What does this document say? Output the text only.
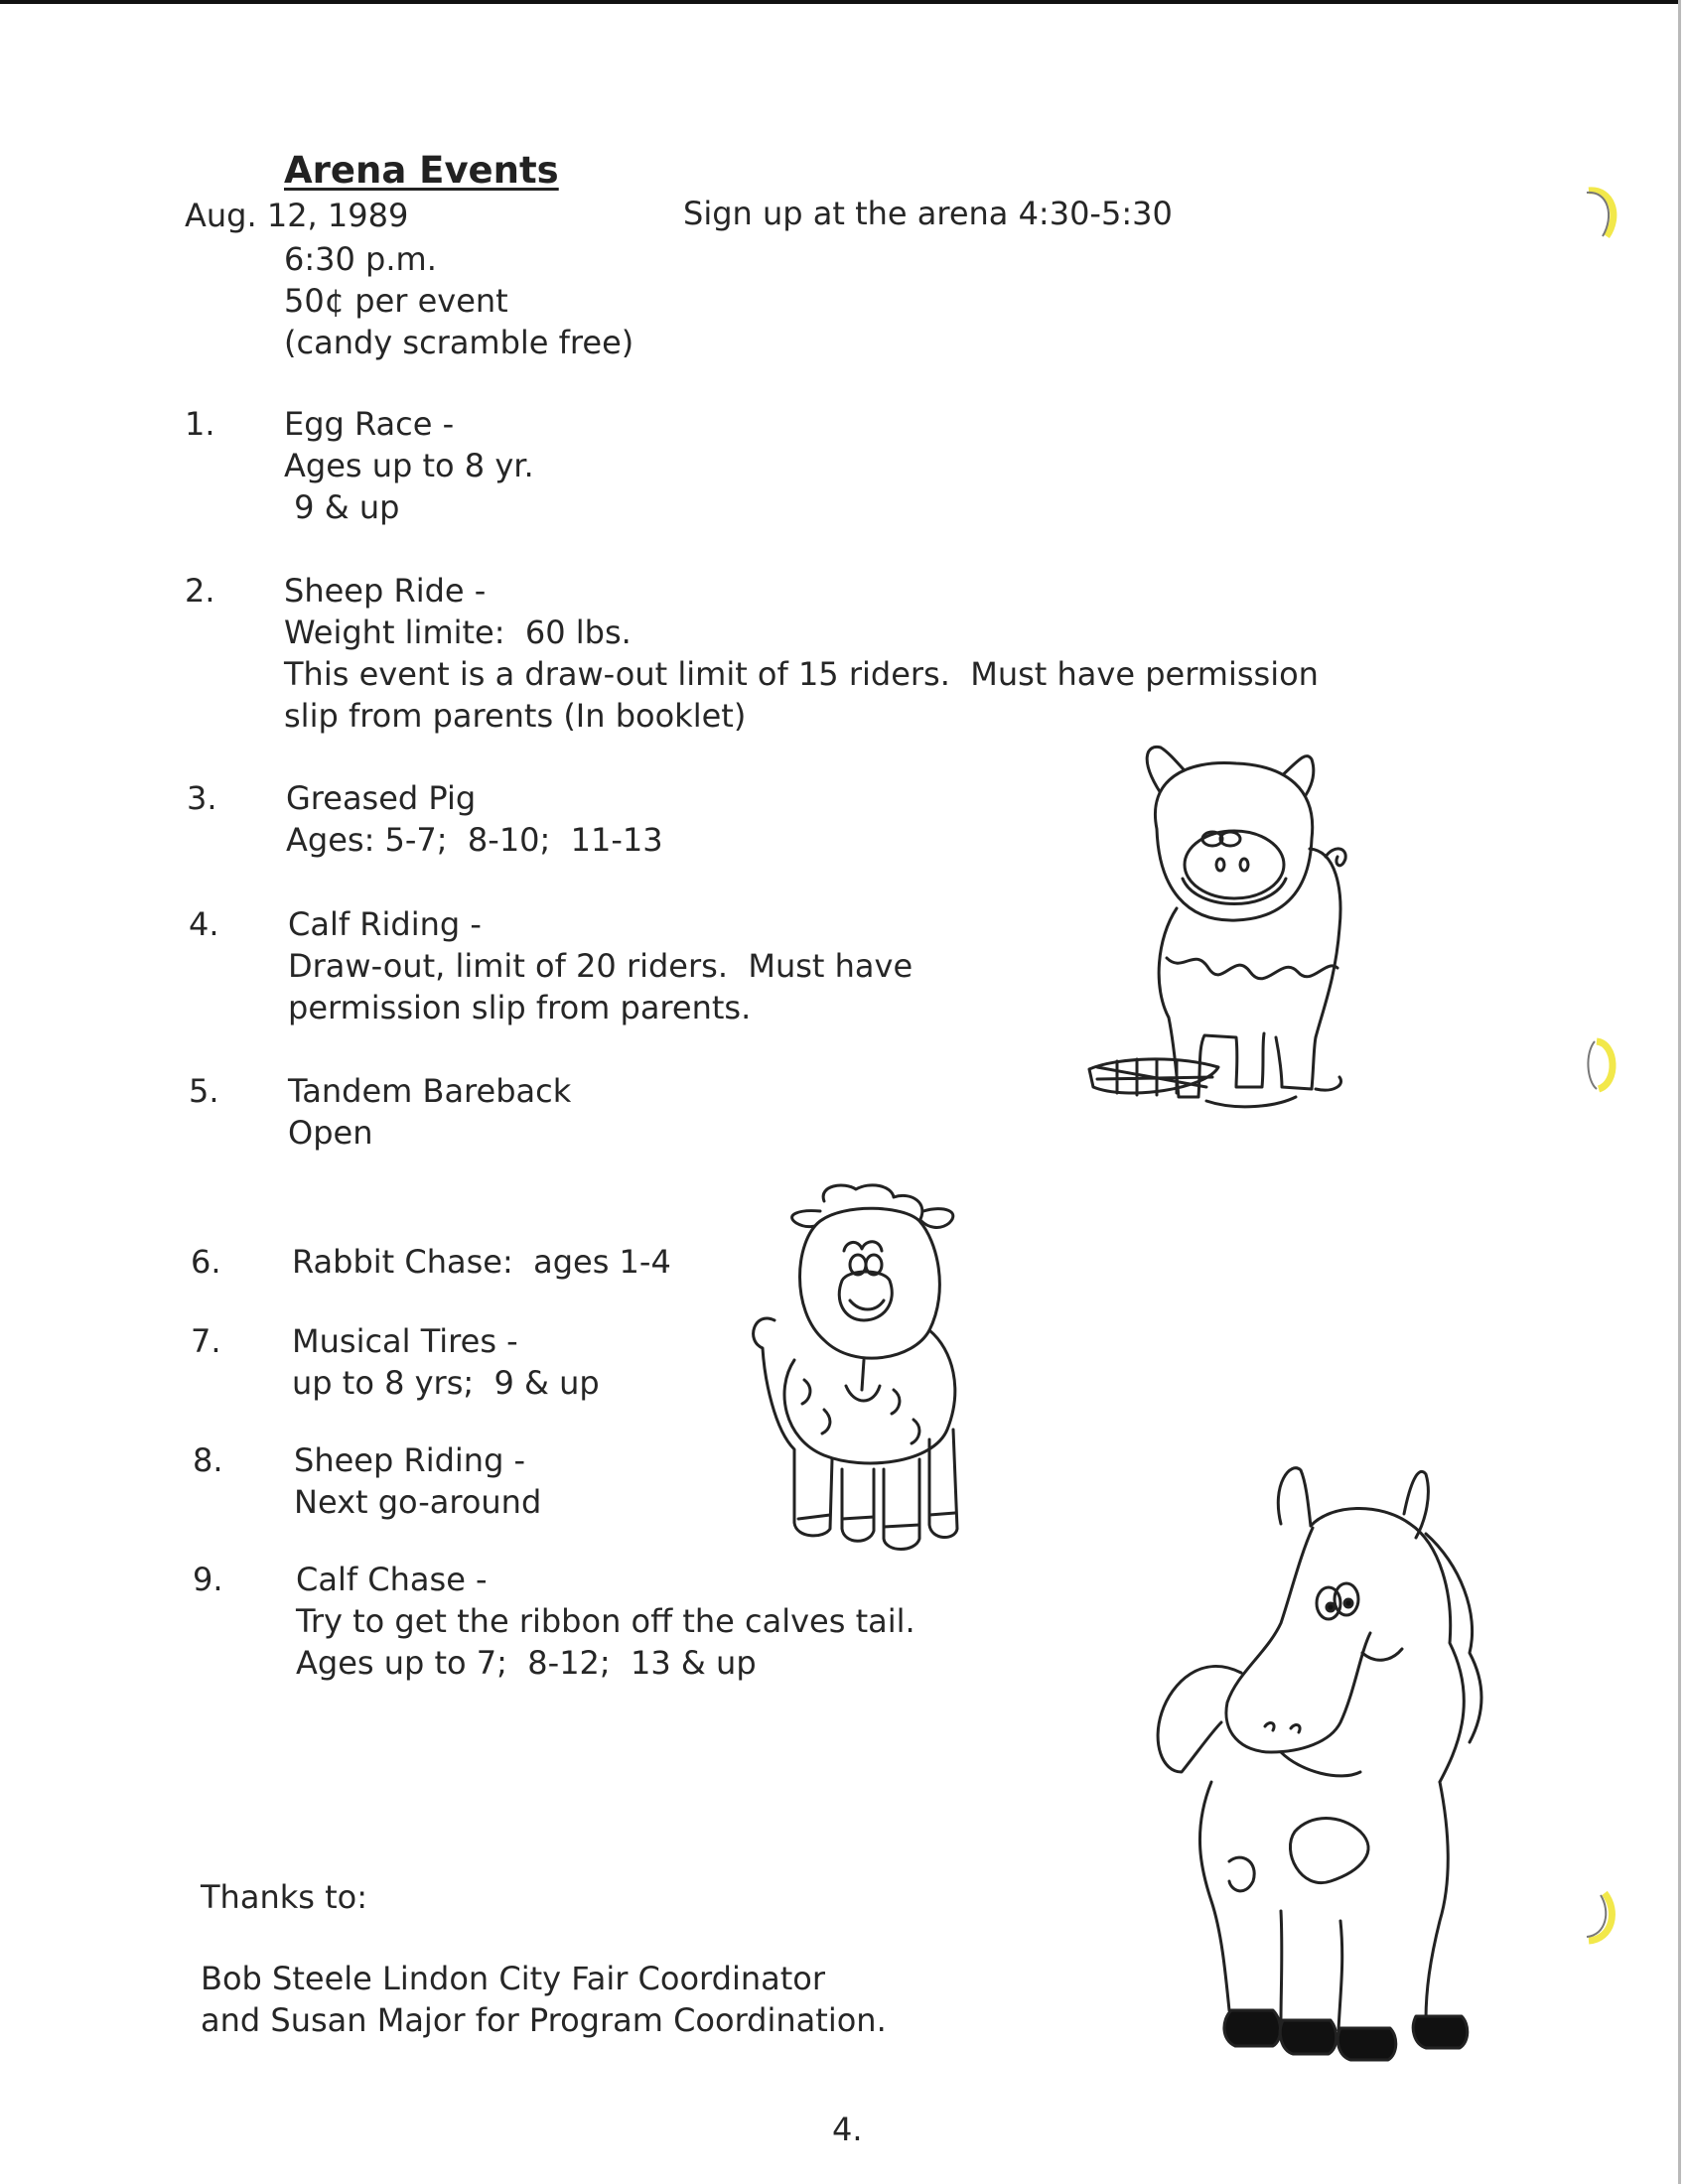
Arena Events
Aug. 12, 1989	Sign up at the arena 4:30-5:30
6:30 p.m.
50¢ per event
(candy scramble free)
1. Egg Race -
Ages up to 8 yr.
9 & up
2. Sheep Ride -
Weight limite:  60 lbs.
This event is a draw-out limit of 15 riders.  Must have permission
slip from parents (In booklet)
3. Greased Pig
Ages: 5-7;  8-10;  11-13
4. Calf Riding -
Draw-out, limit of 20 riders.  Must have
permission slip from parents.
5. Tandem Bareback
Open
6. Rabbit Chase:  ages 1-4
7. Musical Tires -
up to 8 yrs;  9 & up
8. Sheep Riding -
Next go-around
9. Calf Chase -
Try to get the ribbon off the calves tail.
Ages up to 7;  8-12;  13 & up
Thanks to:
Bob Steele Lindon City Fair Coordinator
and Susan Major for Program Coordination.
4.
